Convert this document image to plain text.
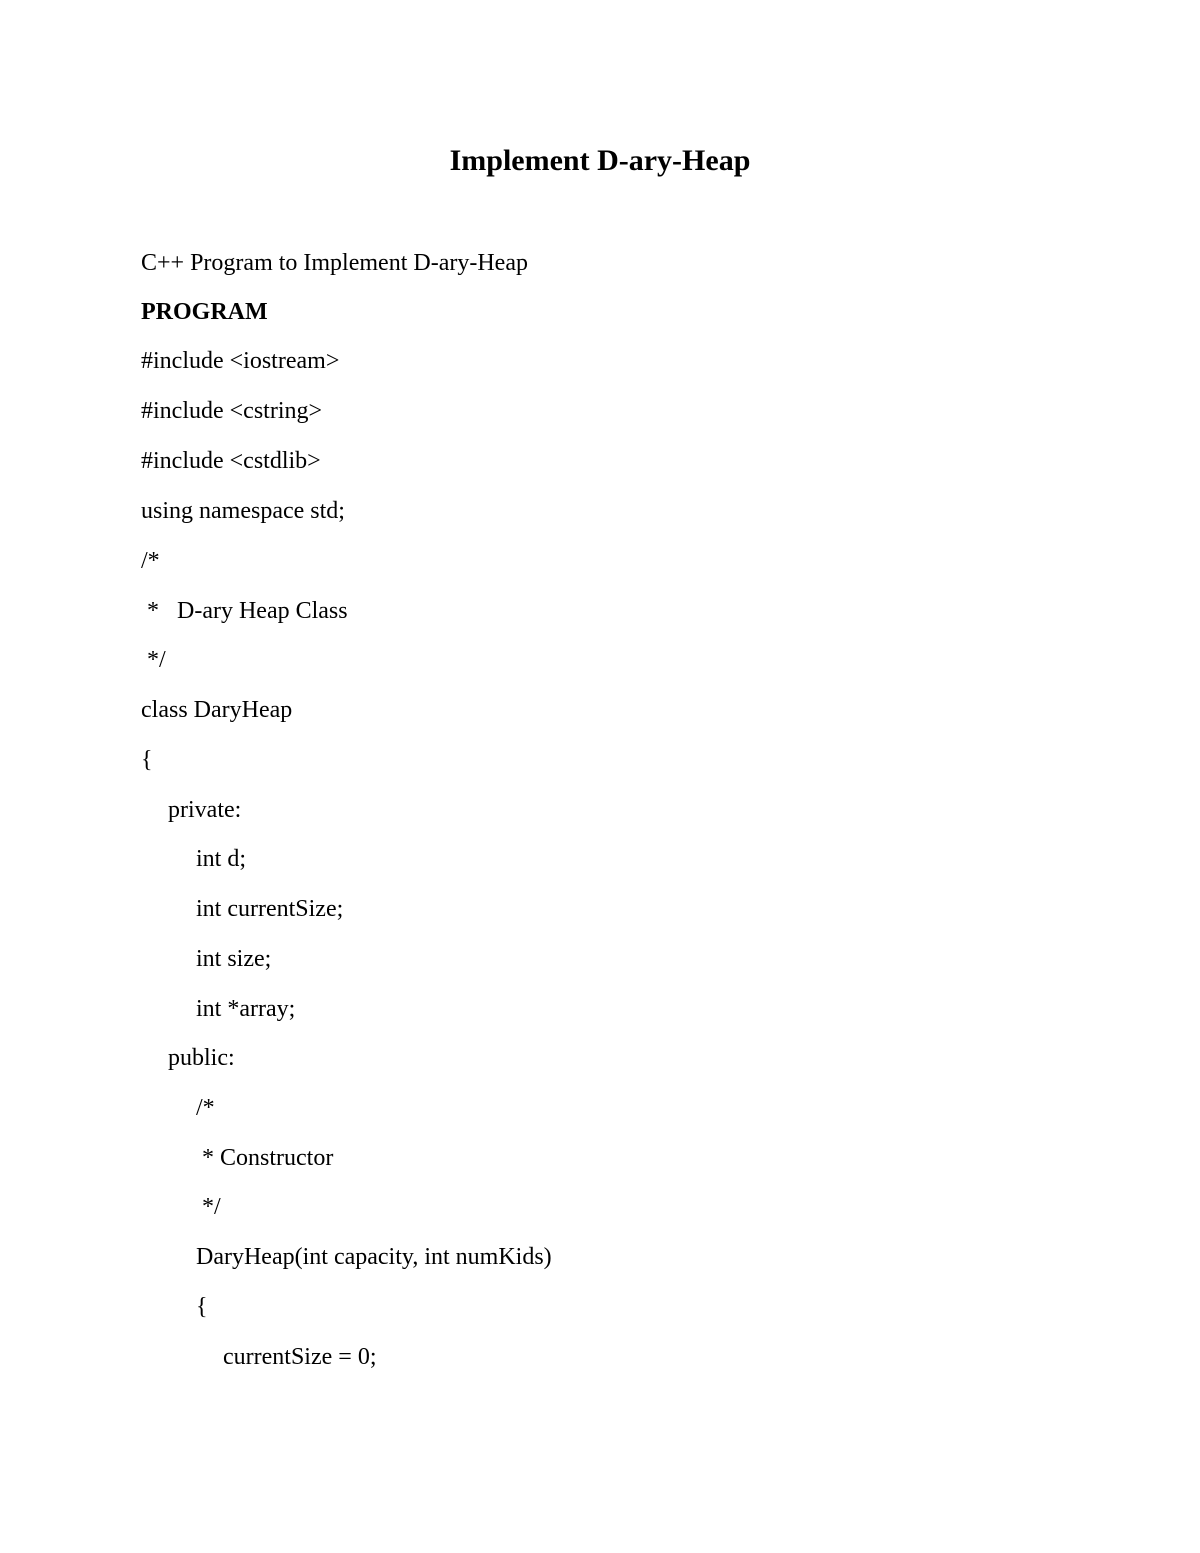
Implement D-ary-Heap
C++ Program to Implement D-ary-Heap
PROGRAM
#include <iostream>
#include <cstring>
#include <cstdlib>
using namespace std;
/*
*   D-ary Heap Class
*/
class DaryHeap
{
private:
int d;
int currentSize;
int size;
int *array;
public:
/*
* Constructor
*/
DaryHeap(int capacity, int numKids)
{
currentSize = 0;
